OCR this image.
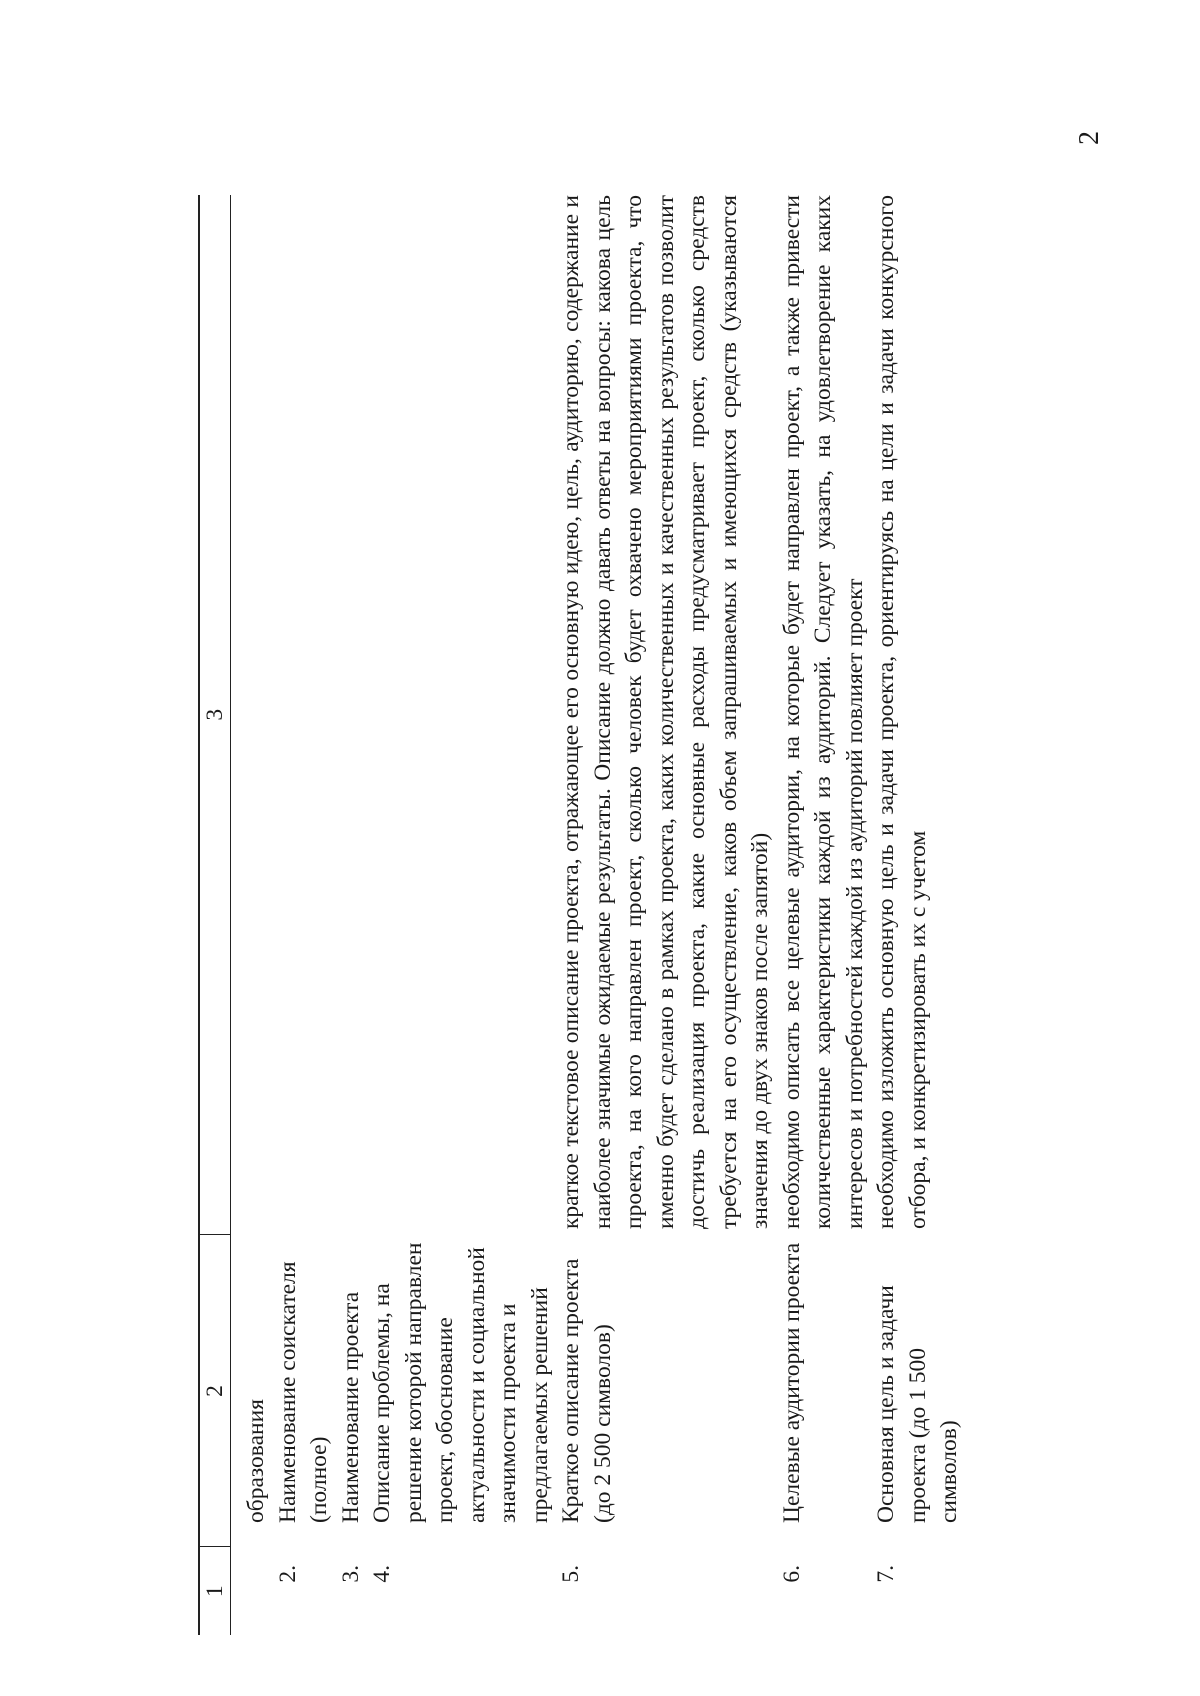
2
1	2	3

	образования	
2.	Наименование соискателя (полное)	
3.	Наименование проекта	
4.	Описание проблемы, на решение которой направлен проект, обоснование актуальности и социальной значимости проекта и предлагаемых решений	
5.	Краткое описание проекта (до 2 500 символов)	краткое текстовое описание проекта, отражающее его основную идею, цель, аудиторию, содержание и наиболее значимые ожидаемые результаты. Описание должно давать ответы на вопросы: какова цель проекта, на кого направлен проект, сколько человек будет охвачено мероприятиями проекта, что именно будет сделано в рамках проекта, каких количественных и качественных результатов позволит достичь реализация проекта, какие основные расходы предусматривает проект, сколько средств требуется на его осуществление, каков объем запрашиваемых и имеющихся средств (указываются значения до двух знаков после запятой)
6.	Целевые аудитории проекта	необходимо описать все целевые аудитории, на которые будет направлен проект, а также привести количественные характеристики каждой из аудиторий. Следует указать, на удовлетворение каких интересов и потребностей каждой из аудиторий повлияет проект
7.	Основная цель и задачи проекта (до 1 500 символов)	необходимо изложить основную цель и задачи проекта, ориентируясь на цели и задачи конкурсного отбора, и конкретизировать их с учетом
